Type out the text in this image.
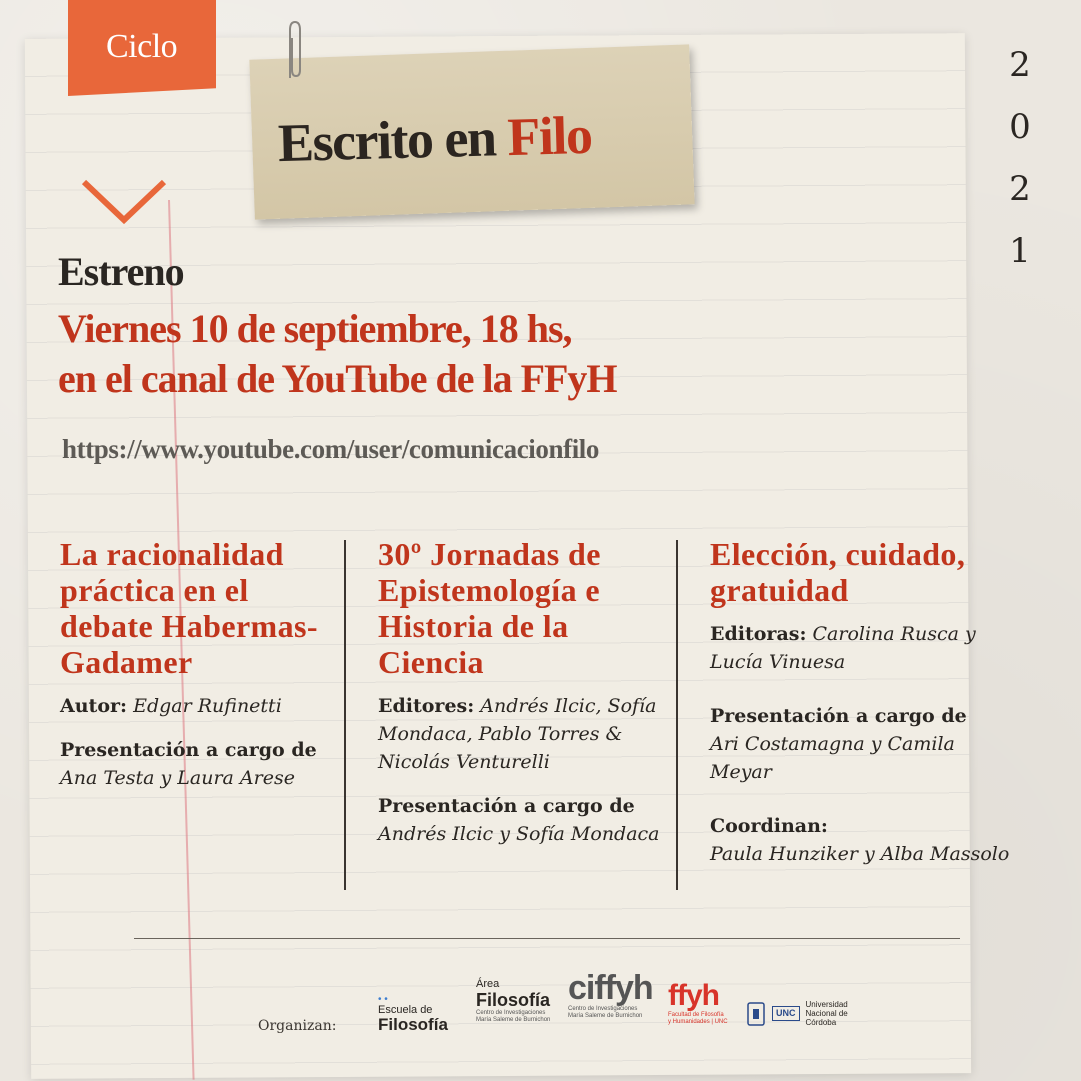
Ciclo
Escrito en Filo
2
0
2
1
Estreno
Viernes 10 de septiembre, 18 hs,
en el canal de YouTube de la FFyH
https://www.youtube.com/user/comunicacionfilo
La racionalidad práctica en el debate Habermas-Gadamer
Autor: Edgar Rufinetti
Presentación a cargo de
Ana Testa y Laura Arese
30º Jornadas de Epistemología e Historia de la Ciencia
Editores: Andrés Ilcic, Sofía Mondaca, Pablo Torres & Nicolás Venturelli
Presentación a cargo de
Andrés Ilcic y Sofía Mondaca
Elección, cuidado, gratuidad
Editoras: Carolina Rusca y Lucía Vinuesa
Presentación a cargo de
Ari Costamagna y Camila Meyar
Coordinan:
Paula Hunziker y Alba Massolo
Organizan:
• •
Escuela de
Filosofía
Área
Filosofía
Centro de Investigaciones María Saleme de Burnichon
ciffyh
Centro de Investigaciones María Saleme de Burnichon
ffyh
Facultad de Filosofía y Humanidades | UNC
UNC
Universidad Nacional de Córdoba
